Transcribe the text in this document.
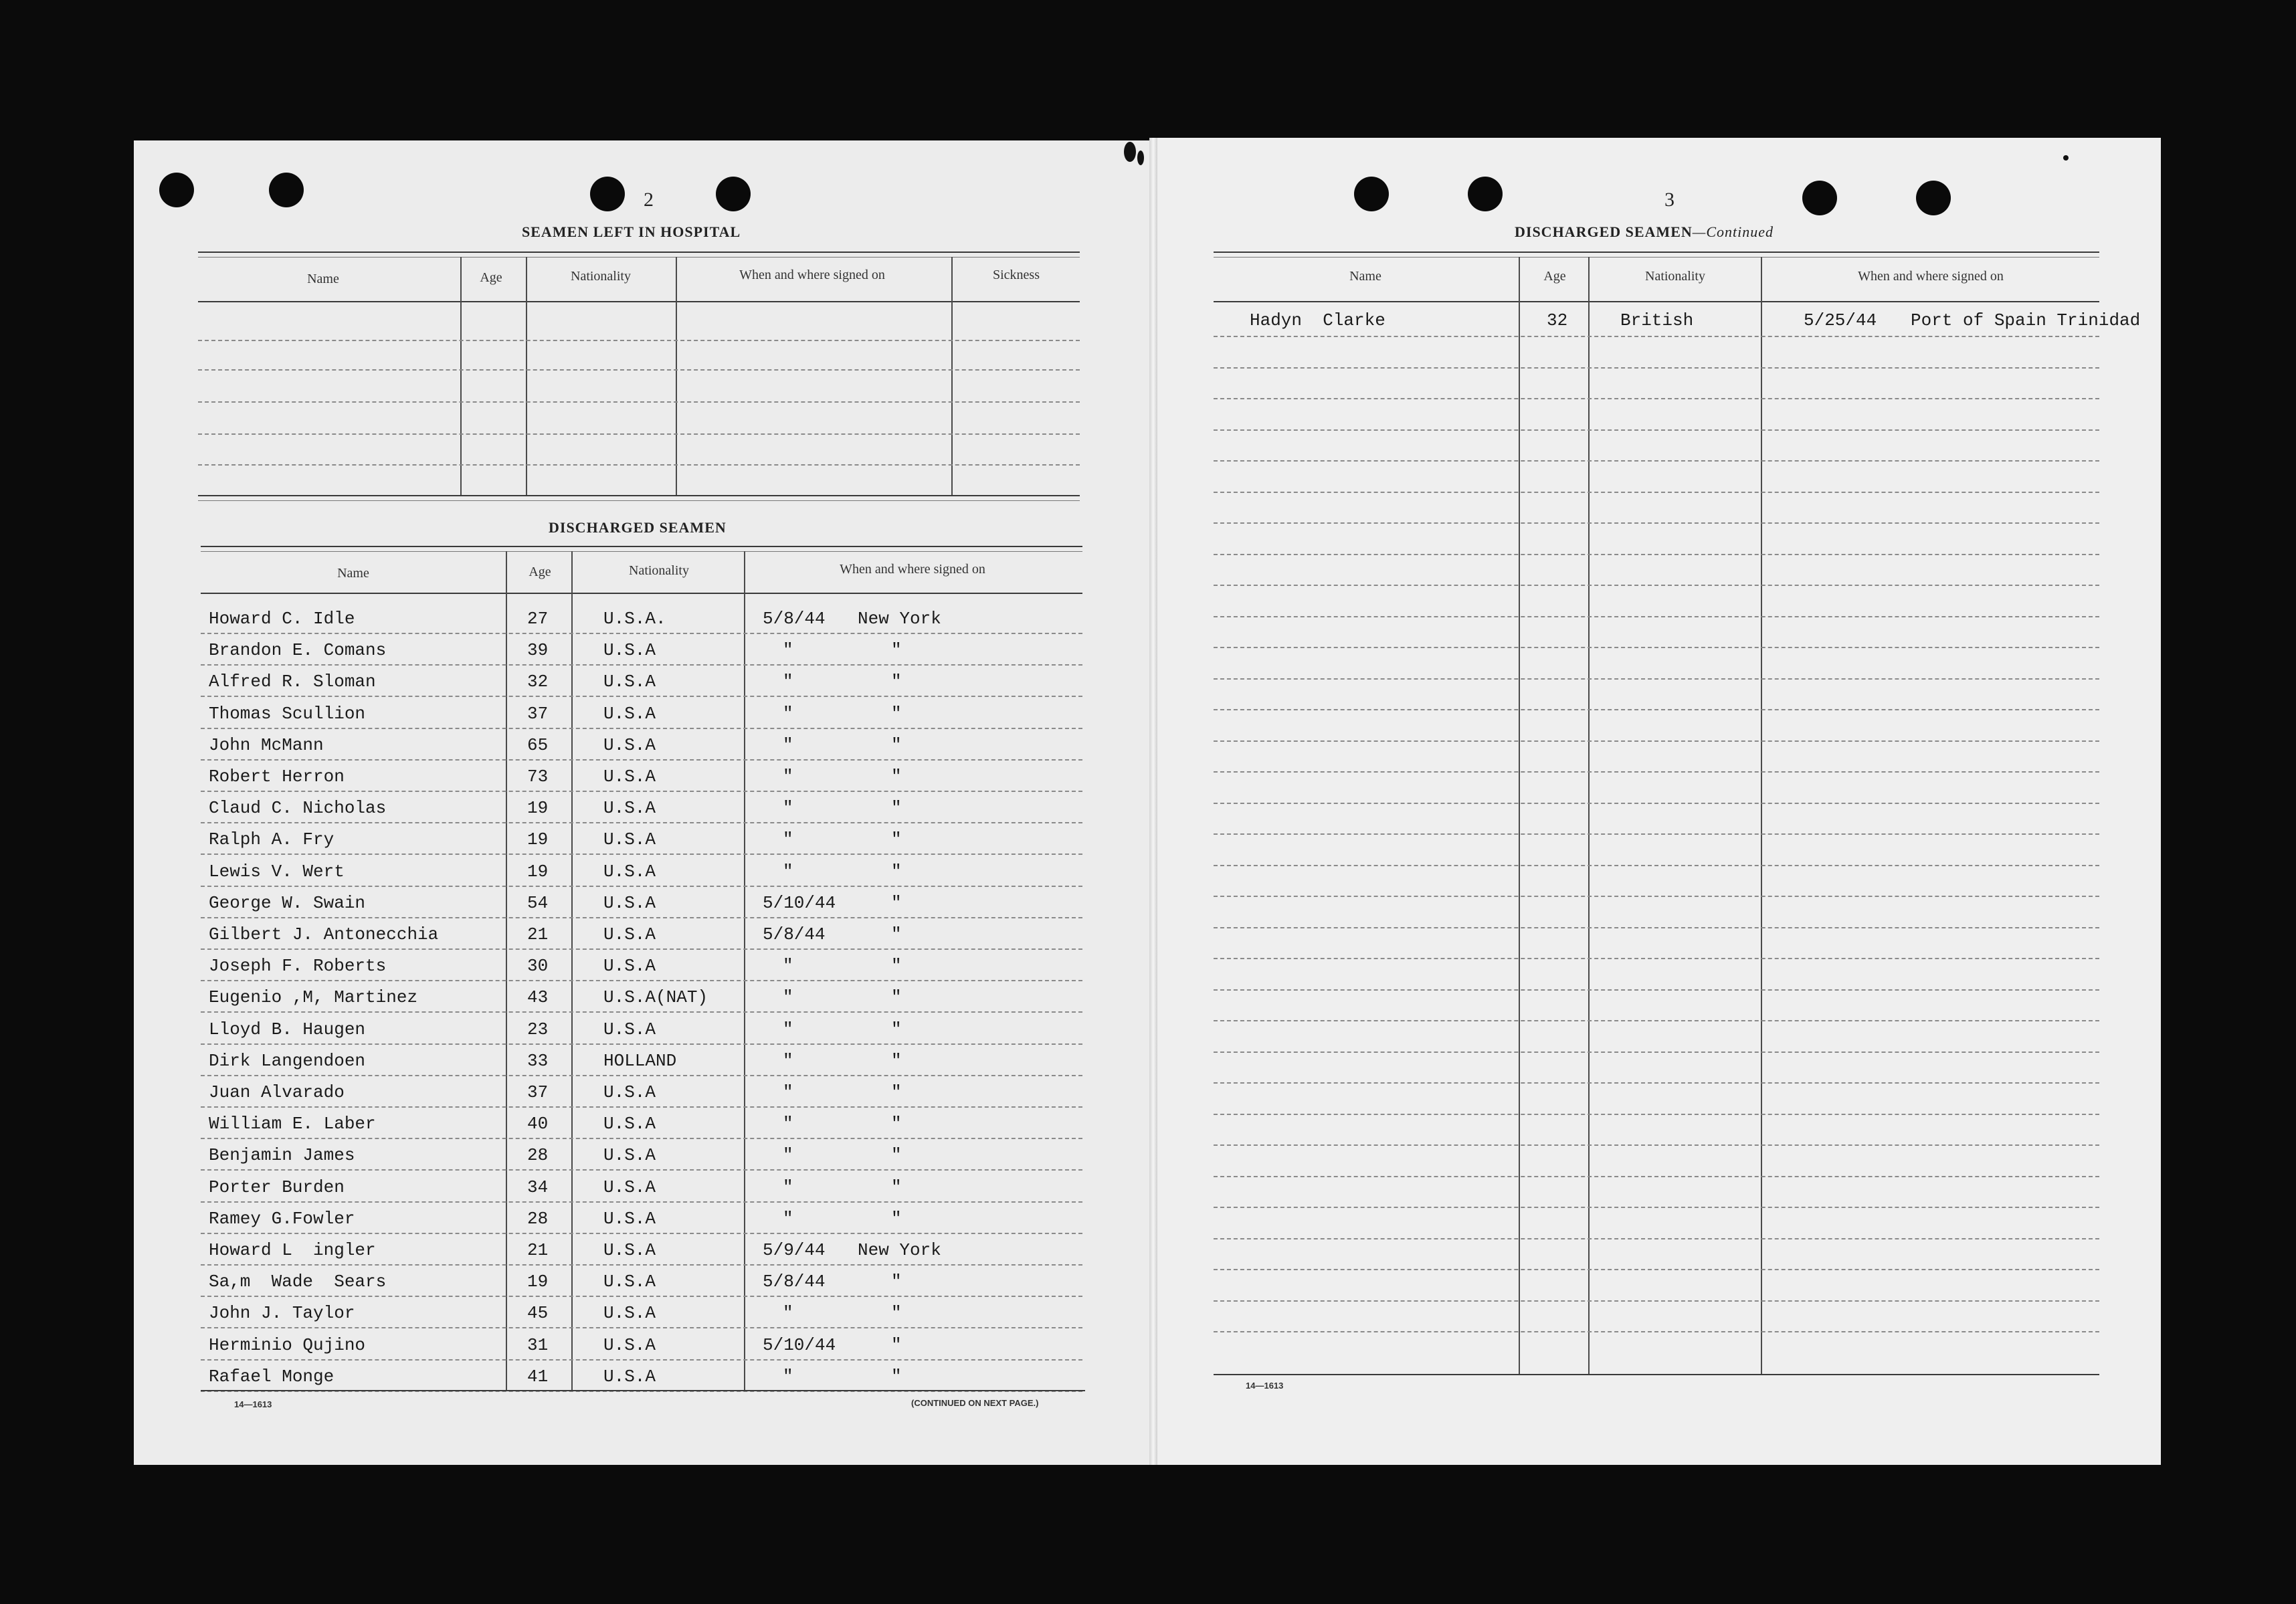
2
SEAMEN LEFT IN HOSPITAL
Name	Age	Nationality	When and where signed on	Sickness
DISCHARGED SEAMEN
Name	Age	Nationality	When and where signed on
Howard C. Idle	27	U.S.A.	5/8/44 New York
Brandon E. Comans	39	U.S.A	"	"
Alfred R. Sloman	32	U.S.A	"	"
Thomas Scullion	37	U.S.A	"	"
John McMann	65	U.S.A	"	"
Robert Herron	73	U.S.A	"	"
Claud C. Nicholas	19	U.S.A	"	"
Ralph A. Fry	19	U.S.A	"	"
Lewis V. Wert	19	U.S.A	"	"
George W. Swain	54	U.S.A	5/10/44	"
Gilbert J. Antonecchia	21	U.S.A	5/8/44	"
Joseph F. Roberts	30	U.S.A	"	"
Eugenio ,M, Martinez	43	U.S.A(NAT)	"	"
Lloyd B. Haugen	23	U.S.A	"	"
Dirk Langendoen	33	HOLLAND	"	"
Juan Alvarado	37	U.S.A	"	"
William E. Laber	40	U.S.A	"	"
Benjamin James	28	U.S.A	"	"
Porter Burden	34	U.S.A	"	"
Ramey G.Fowler	28	U.S.A	"	"
Howard L  ingler	21	U.S.A	5/9/44 New York
Sa,m  Wade  Sears	19	U.S.A	5/8/44	"
John J. Taylor	45	U.S.A	"	"
Herminio Qujino	31	U.S.A	5/10/44	"
Rafael Monge	41	U.S.A	"	"
14—1613	(CONTINUED ON NEXT PAGE.)
3
DISCHARGED SEAMEN—Continued
Name	Age	Nationality	When and where signed on
Hadyn  Clarke	32	British	5/25/44 Port of Spain Trinidad
14—1613
